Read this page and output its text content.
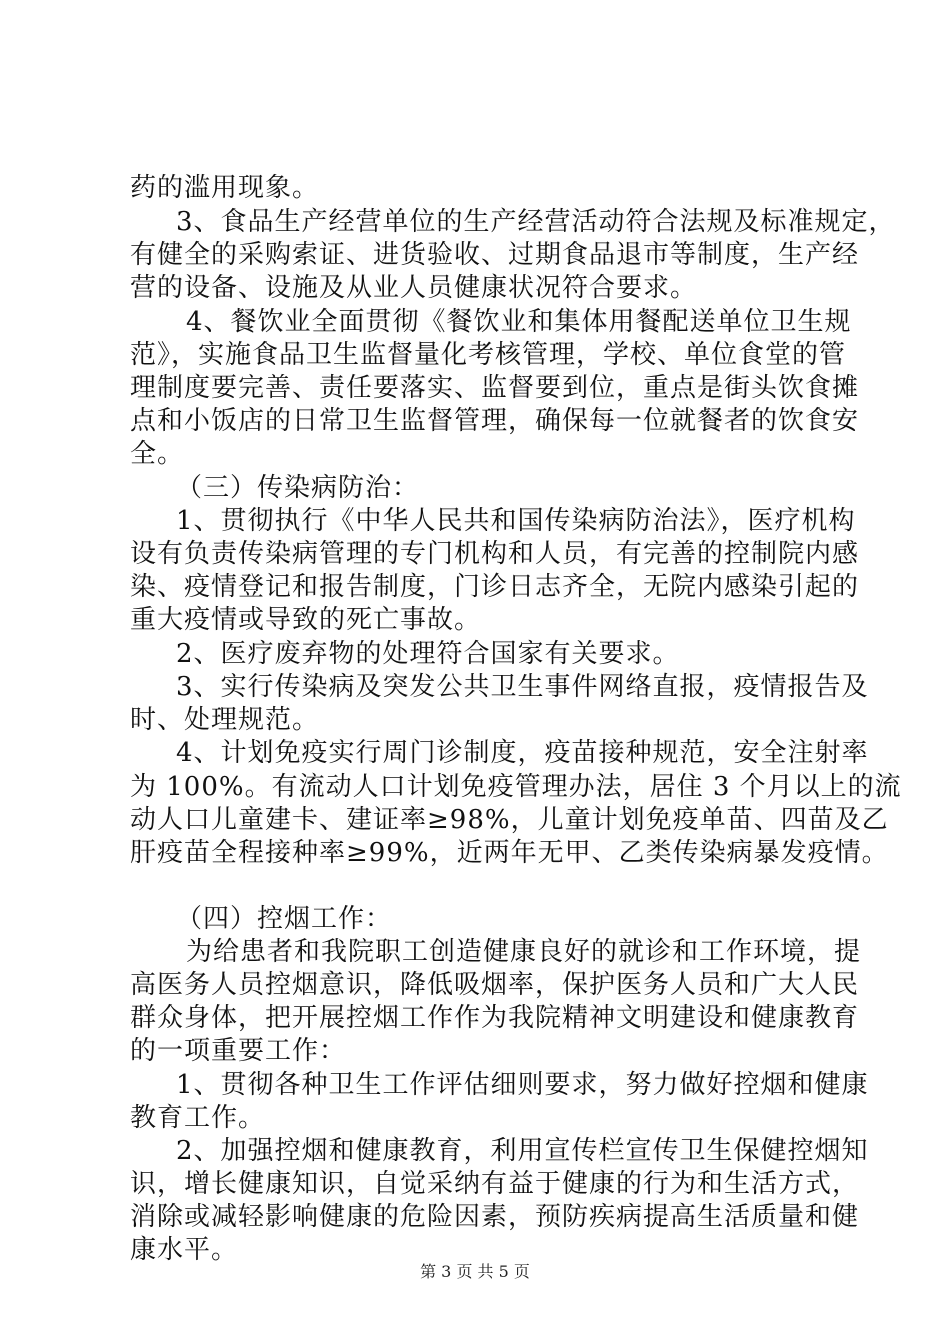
药的滥用现象。
3、食品生产经营单位的生产经营活动符合法规及标准规定，
有健全的采购索证、进货验收、过期食品退市等制度，生产经
营的设备、设施及从业人员健康状况符合要求。
4、餐饮业全面贯彻《餐饮业和集体用餐配送单位卫生规
范》，实施食品卫生监督量化考核管理，学校、单位食堂的管
理制度要完善、责任要落实、监督要到位，重点是街头饮食摊
点和小饭店的日常卫生监督管理，确保每一位就餐者的饮食安
全。
（三）传染病防治：
1、贯彻执行《中华人民共和国传染病防治法》，医疗机构
设有负责传染病管理的专门机构和人员，有完善的控制院内感
染、疫情登记和报告制度，门诊日志齐全，无院内感染引起的
重大疫情或导致的死亡事故。
2、医疗废弃物的处理符合国家有关要求。
3、实行传染病及突发公共卫生事件网络直报，疫情报告及
时、处理规范。
4、计划免疫实行周门诊制度，疫苗接种规范，安全注射率
为 100%。有流动人口计划免疫管理办法，居住 3 个月以上的流
动人口儿童建卡、建证率≥98%，儿童计划免疫单苗、四苗及乙
肝疫苗全程接种率≥99%，近两年无甲、乙类传染病暴发疫情。
（四）控烟工作：
为给患者和我院职工创造健康良好的就诊和工作环境，提
高医务人员控烟意识，降低吸烟率，保护医务人员和广大人民
群众身体，把开展控烟工作作为我院精神文明建设和健康教育
的一项重要工作：
1、贯彻各种卫生工作评估细则要求，努力做好控烟和健康
教育工作。
2、加强控烟和健康教育，利用宣传栏宣传卫生保健控烟知
识，增长健康知识，自觉采纳有益于健康的行为和生活方式，
消除或减轻影响健康的危险因素，预防疾病提高生活质量和健
康水平。
第 3 页 共 5 页
